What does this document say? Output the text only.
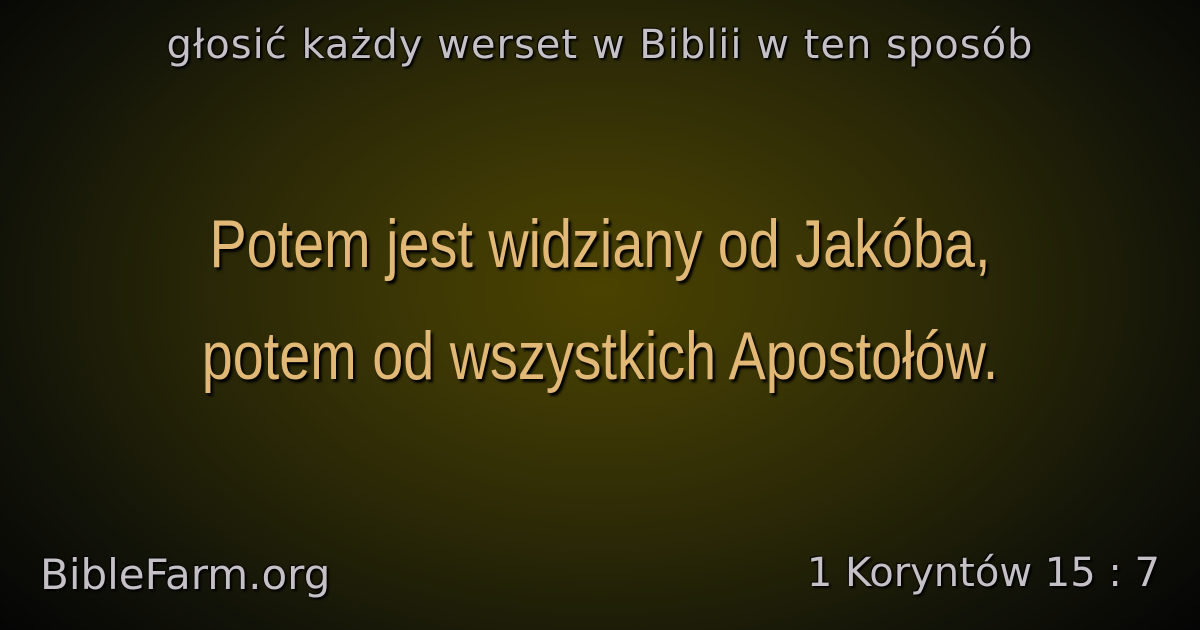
głosić każdy werset w Biblii w ten sposób
Potem jest widziany od Jakóba,
potem od wszystkich Apostołów.
BibleFarm.org	1 Koryntów 15 : 7
